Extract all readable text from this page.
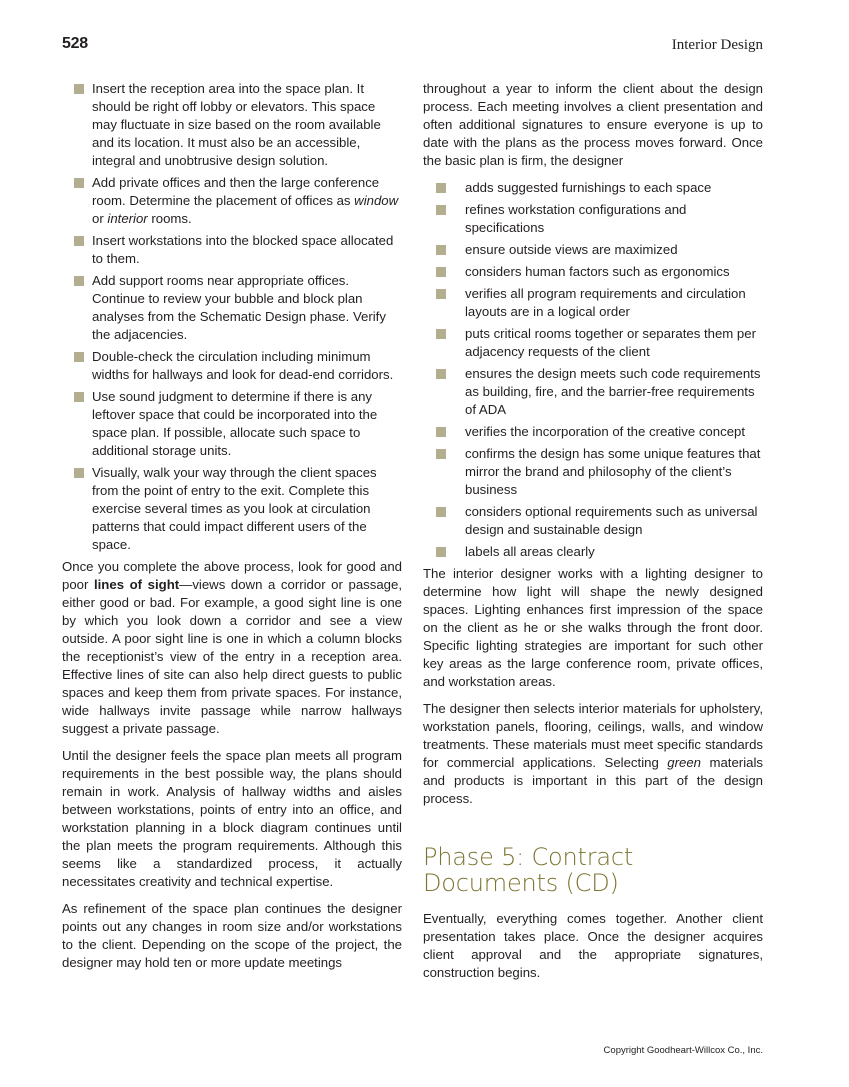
528	Interior Design
Insert the reception area into the space plan. It should be right off lobby or elevators. This space may fluctuate in size based on the room available and its location. It must also be an accessible, integral and unobtrusive design solution.
Add private offices and then the large conference room. Determine the placement of offices as window or interior rooms.
Insert workstations into the blocked space allocated to them.
Add support rooms near appropriate offices. Continue to review your bubble and block plan analyses from the Schematic Design phase. Verify the adjacencies.
Double-check the circulation including minimum widths for hallways and look for dead-end corridors.
Use sound judgment to determine if there is any leftover space that could be incorporated into the space plan. If possible, allocate such space to additional storage units.
Visually, walk your way through the client spaces from the point of entry to the exit. Complete this exercise several times as you look at circulation patterns that could impact different users of the space.

Once you complete the above process, look for good and poor lines of sight—views down a corridor or passage, either good or bad. For example, a good sight line is one by which you look down a corridor and see a view outside. A poor sight line is one in which a column blocks the receptionist’s view of the entry in a reception area. Effective lines of site can also help direct guests to public spaces and keep them from private spaces. For instance, wide hallways invite passage while narrow hallways suggest a private passage.

Until the designer feels the space plan meets all program requirements in the best possible way, the plans should remain in work. Analysis of hallway widths and aisles between workstations, points of entry into an office, and workstation planning in a block diagram continues until the plan meets the program requirements. Although this seems like a standardized process, it actually necessitates creativity and technical expertise.

As refinement of the space plan continues the designer points out any changes in room size and/or workstations to the client. Depending on the scope of the project, the designer may hold ten or more update meetings

throughout a year to inform the client about the design process. Each meeting involves a client presentation and often additional signatures to ensure everyone is up to date with the plans as the process moves forward. Once the basic plan is firm, the designer

adds suggested furnishings to each space
refines workstation configurations and specifications
ensure outside views are maximized
considers human factors such as ergonomics
verifies all program requirements and circulation layouts are in a logical order
puts critical rooms together or separates them per adjacency requests of the client
ensures the design meets such code requirements as building, fire, and the barrier-free requirements of ADA
verifies the incorporation of the creative concept
confirms the design has some unique features that mirror the brand and philosophy of the client’s business
considers optional requirements such as universal design and sustainable design
labels all areas clearly

The interior designer works with a lighting designer to determine how light will shape the newly designed spaces. Lighting enhances first impression of the space on the client as he or she walks through the front door. Specific lighting strategies are important for such other key areas as the large conference room, private offices, and workstation areas.

The designer then selects interior materials for upholstery, workstation panels, flooring, ceilings, walls, and window treatments. These materials must meet specific standards for commercial applications. Selecting green materials and products is important in this part of the design process.

Phase 5: Contract Documents (CD)

Eventually, everything comes together. Another client presentation takes place. Once the designer acquires client approval and the appropriate signatures, construction begins.

Copyright Goodheart-Willcox Co., Inc.
